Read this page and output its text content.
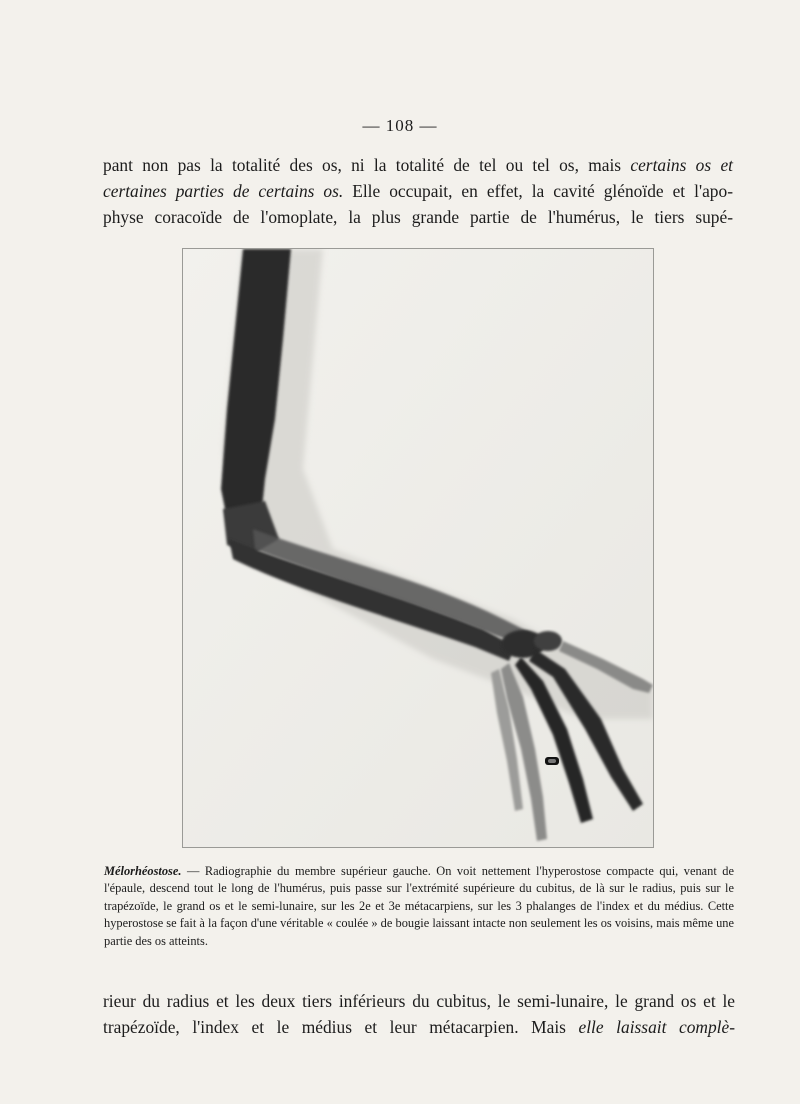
— 108 —
pant non pas la totalité des os, ni la totalité de tel ou tel os, mais certains os et
certaines parties de certains os. Elle occupait, en effet, la cavité glénoïde et l'apo-
physe coracoïde de l'omoplate, la plus grande partie de l'humérus, le tiers supé-
Mélorhéostose. — Radiographie du membre supérieur gauche. On voit nettement l'hyperostose compacte qui, venant de l'épaule, descend tout le long de l'humérus, puis passe sur l'extrémité supérieure du cubitus, de là sur le radius, puis sur le trapézoïde, le grand os et le semi-lunaire, sur les 2e et 3e métacarpiens, sur les 3 phalanges de l'index et du médius. Cette hyperostose se fait à la façon d'une véritable « coulée » de bougie laissant intacte non seulement les os voisins, mais même une partie des os atteints.
rieur du radius et les deux tiers inférieurs du cubitus, le semi-lunaire, le grand os et le trapézoïde, l'index et le médius et leur métacarpien. Mais elle laissait complè-
